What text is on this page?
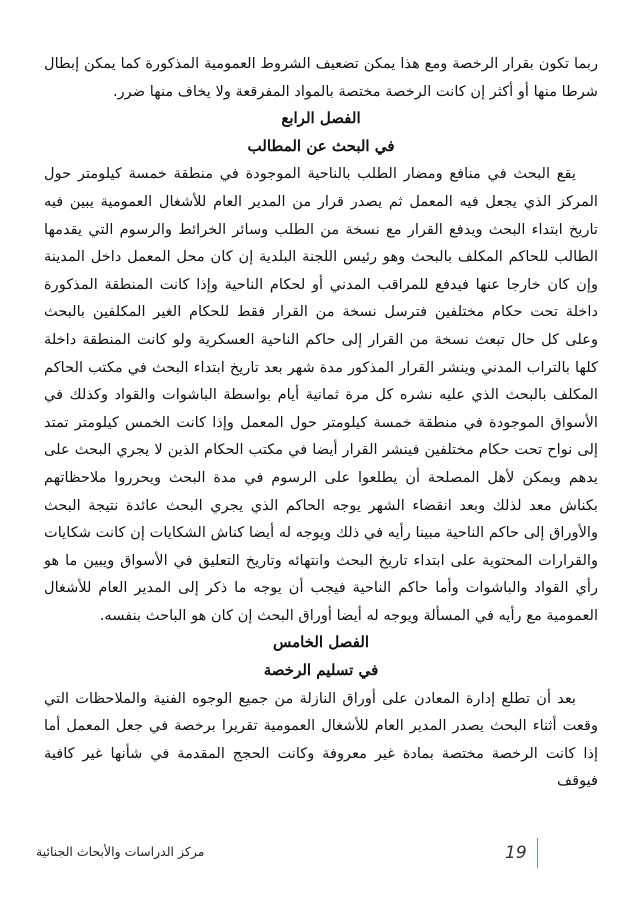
ربما تكون بقرار الرخصة ومع هذا يمكن تضعيف الشروط العمومية المذكورة كما يمكن إبطال شرطا منها أو أكثر إن كانت الرخصة مختصة بالمواد المفرقعة ولا يخاف منها ضرر.

الفصل الرابع
في البحث عن المطالب

يقع البحث في منافع ومضار الطلب بالناحية الموجودة في منطقة خمسة كيلومتر حول المركز الذي يجعل فيه المعمل ثم يصدر قرار من المدير العام للأشغال العمومية يبين فيه تاريخ ابتداء البحث ويدفع القرار مع نسخة من الطلب وسائر الخرائط والرسوم التي يقدمها الطالب للحاكم المكلف بالبحث وهو رئيس اللجنة البلدية إن كان محل المعمل داخل المدينة وإن كان خارجا عنها فيدفع للمراقب المدني أو لحكام الناحية وإذا كانت المنطقة المذكورة داخلة تحت حكام مختلفين فترسل نسخة من القرار فقط للحكام الغير المكلفين بالبحث وعلى كل حال تبعث نسخة من القرار إلى حاكم الناحية العسكرية ولو كانت المنطقة داخلة كلها بالتراب المدني وينشر القرار المذكور مدة شهر بعد تاريخ ابتداء البحث في مكتب الحاكم المكلف بالبحث الذي عليه نشره كل مرة ثمانية أيام بواسطة الباشوات والقواد وكذلك في الأسواق الموجودة في منطقة خمسة كيلومتر حول المعمل وإذا كانت الخمس كيلومتر تمتد إلى نواح تحت حكام مختلفين فينشر القرار أيضا في مكتب الحكام الذين لا يجري البحث على يدهم ويمكن لأهل المصلحة أن يطلعوا على الرسوم في مدة البحث ويحرروا ملاحظاتهم بكناش معد لذلك وبعد انقضاء الشهر يوجه الحاكم الذي يجري البحث عائدة نتيجة البحث والأوراق إلى حاكم الناحية مبينا رأيه في ذلك ويوجه له أيضا كناش الشكايات إن كانت شكايات والقرارات المحتوية على ابتداء تاريخ البحث وانتهائه وتاريخ التعليق في الأسواق ويبين ما هو رأي القواد والباشوات وأما حاكم الناحية فيجب أن يوجه ما ذكر إلى المدير العام للأشغال العمومية مع رأيه في المسألة ويوجه له أيضا أوراق البحث إن كان هو الباحث بنفسه.

الفصل الخامس
في تسليم الرخصة

بعد أن تطلع إدارة المعادن على أوراق النازلة من جميع الوجوه الفنية والملاحظات التي وقعت أثناء البحث يصدر المدير العام للأشغال العمومية تقريرا برخصة في جعل المعمل أما إذا كانت الرخصة مختصة بمادة غير معروفة وكانت الحجج المقدمة في شأنها غير كافية فيوقف

19
مركز الدراسات والأبحاث الجنائية
